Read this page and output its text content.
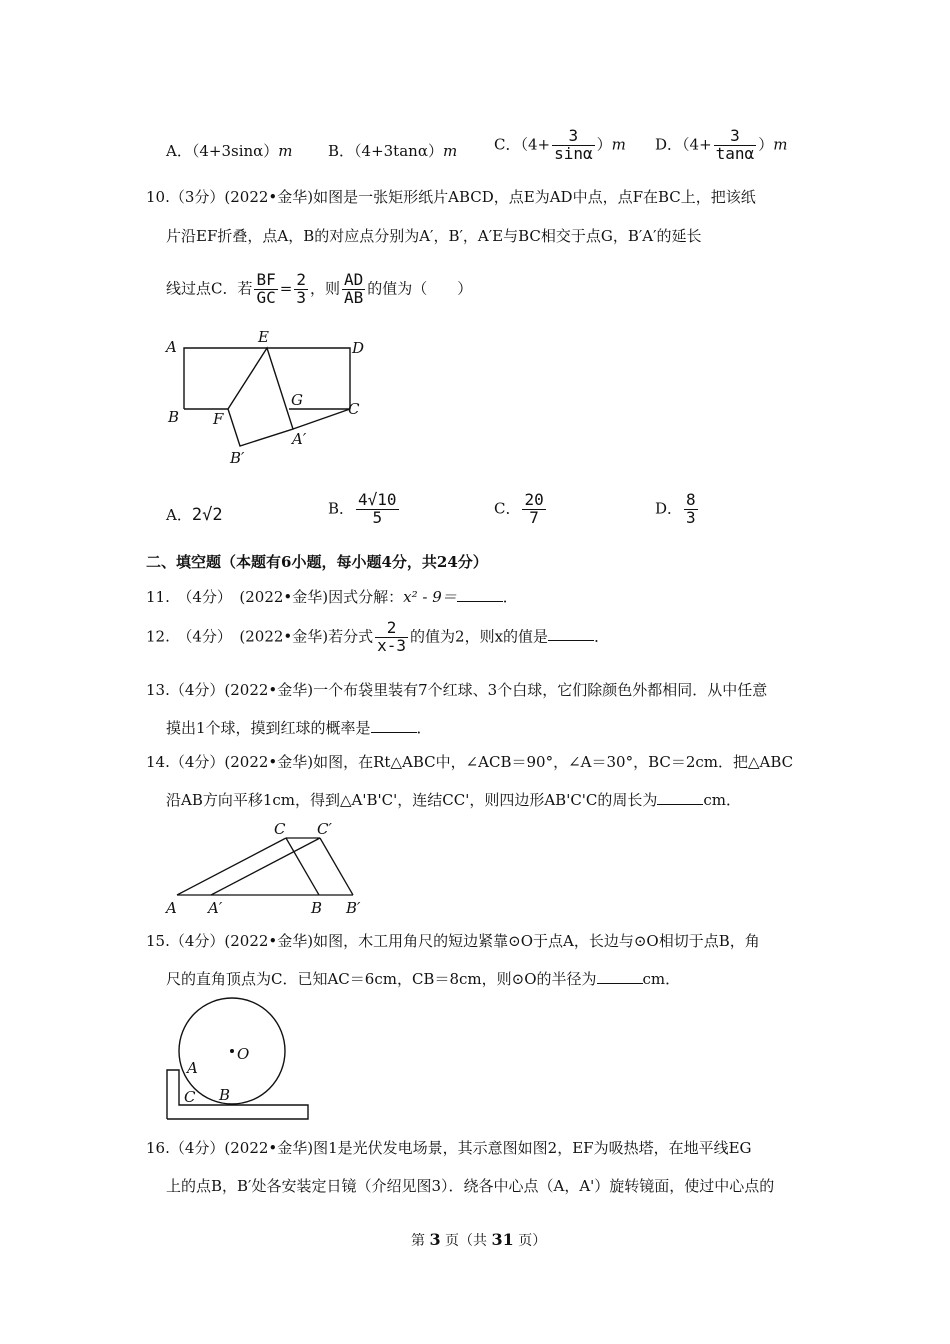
A．（4+3sinα）m B．（4+3tanα）m C．$(4+ \frac{3}{\sin\alpha} )m$ D．$(4+ \frac{3}{\tan\alpha} )m$
10.（3分）(2022•金华)如图是一张矩形纸片ABCD，点E为AD中点，点F在BC上，把该纸
片沿EF折叠，点A，B的对应点分别为A′，B′，A′E与BC相交于点G，B′A′的延长
线过点C．若 $\frac{BF}{GC} = \frac{2}{3}$ ，则 $\frac{AD}{AB}$ 的值为（　　）
A
E
D
B F
G	C
B′
A′
A．2√2	B． $\frac{4√10}{5}$	C． $\frac{20}{7}$	D． $\frac{8}{3}$
二、填空题（本题有6小题，每小题4分，共24分）
11.　（4分）　(2022•金华)因式分解：x² - 9＝	．
12.　（4分）　(2022•金华)若分式 $\frac{2}{x-3}$ 的值为2，则x的值是	．
13.（4分）(2022•金华)一个布袋里装有7个红球、3个白球，它们除颜色外都相同．从中任意
摸出1个球，摸到红球的概率是	．
14.（4分）(2022•金华)如图，在Rt△ABC中，∠ACB＝90°，∠A＝30°，BC＝2cm．把△ABC
沿AB方向平移1cm，得到△A'B'C'，连结CC'，则四边形AB'C'C的周长为	cm．
C C′
A A′	B B′
15.（4分）(2022•金华)如图，木工用角尺的短边紧靠⊙O于点A，长边与⊙O相切于点B，角
尺的直角顶点为C．已知AC＝6cm，CB＝8cm，则⊙O的半径为	cm．
O
A
C B
16.（4分）(2022•金华)图1是光伏发电场景，其示意图如图2，EF为吸热塔，在地平线EG
上的点B，B′处各安装定日镜（介绍见图3）．绕各中心点（A，A'）旋转镜面，使过中心点的
第 3 页（共 31 页）
